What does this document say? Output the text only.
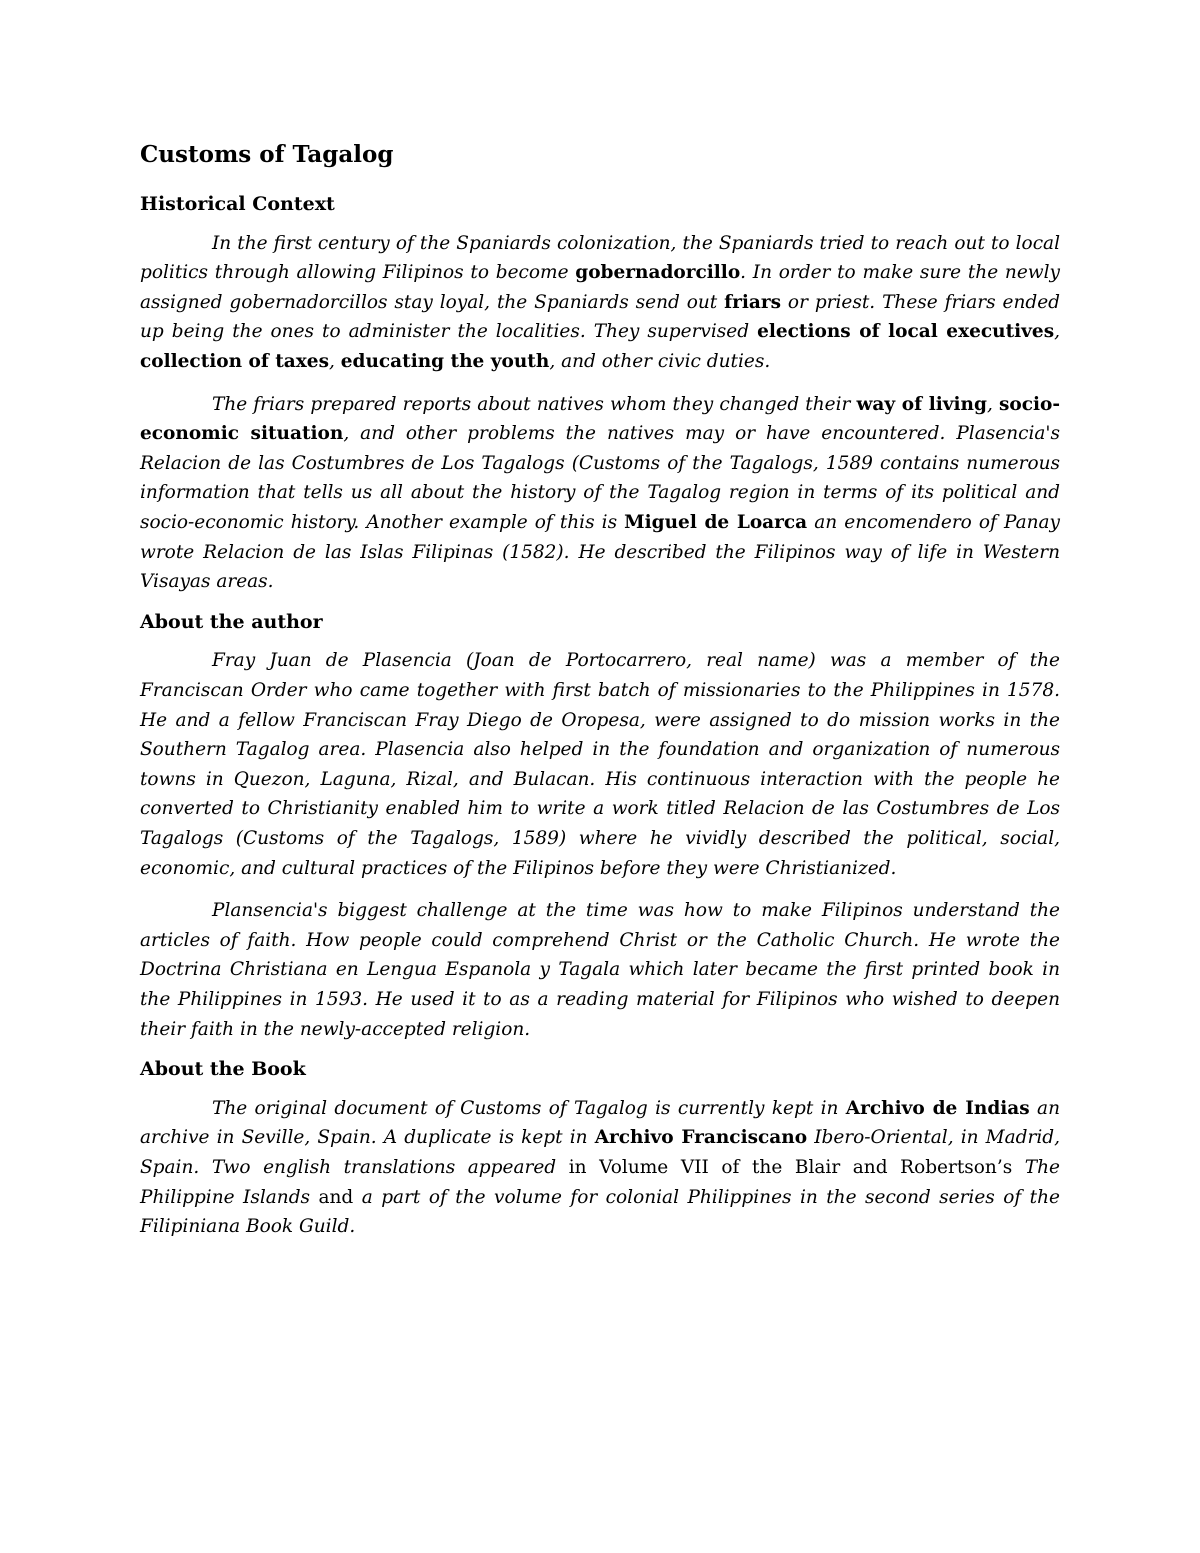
Customs of Tagalog
Historical Context

In the first century of the Spaniards colonization, the Spaniards tried to reach out to local politics through allowing Filipinos to become gobernadorcillo. In order to make sure the newly assigned gobernadorcillos stay loyal, the Spaniards send out friars or priest. These friars ended up being the ones to administer the localities. They supervised elections of local executives, collection of taxes, educating the youth, and other civic duties.

The friars prepared reports about natives whom they changed their way of living, socio-economic situation, and other problems the natives may or have encountered. Plasencia's Relacion de las Costumbres de Los Tagalogs (Customs of the Tagalogs, 1589 contains numerous information that tells us all about the history of the Tagalog region in terms of its political and socio-economic history. Another example of this is Miguel de Loarca an encomendero of Panay wrote Relacion de las Islas Filipinas (1582). He described the Filipinos way of life in Western Visayas areas.

About the author

Fray Juan de Plasencia (Joan de Portocarrero, real name) was a member of the Franciscan Order who came together with first batch of missionaries to the Philippines in 1578. He and a fellow Franciscan Fray Diego de Oropesa, were assigned to do mission works in the Southern Tagalog area. Plasencia also helped in the foundation and organization of numerous towns in Quezon, Laguna, Rizal, and Bulacan. His continuous interaction with the people he converted to Christianity enabled him to write a work titled Relacion de las Costumbres de Los Tagalogs (Customs of the Tagalogs, 1589) where he vividly described the political, social, economic, and cultural practices of the Filipinos before they were Christianized.

Plansencia's biggest challenge at the time was how to make Filipinos understand the articles of faith. How people could comprehend Christ or the Catholic Church. He wrote the Doctrina Christiana en Lengua Espanola y Tagala which later became the first printed book in the Philippines in 1593. He used it to as a reading material for Filipinos who wished to deepen their faith in the newly-accepted religion.

About the Book

The original document of Customs of Tagalog is currently kept in Archivo de Indias an archive in Seville, Spain. A duplicate is kept in Archivo Franciscano Ibero-Oriental, in Madrid, Spain. Two english translations appeared in Volume VII of the Blair and Robertson’s The Philippine Islands and a part of the volume for colonial Philippines in the second series of the Filipiniana Book Guild.
